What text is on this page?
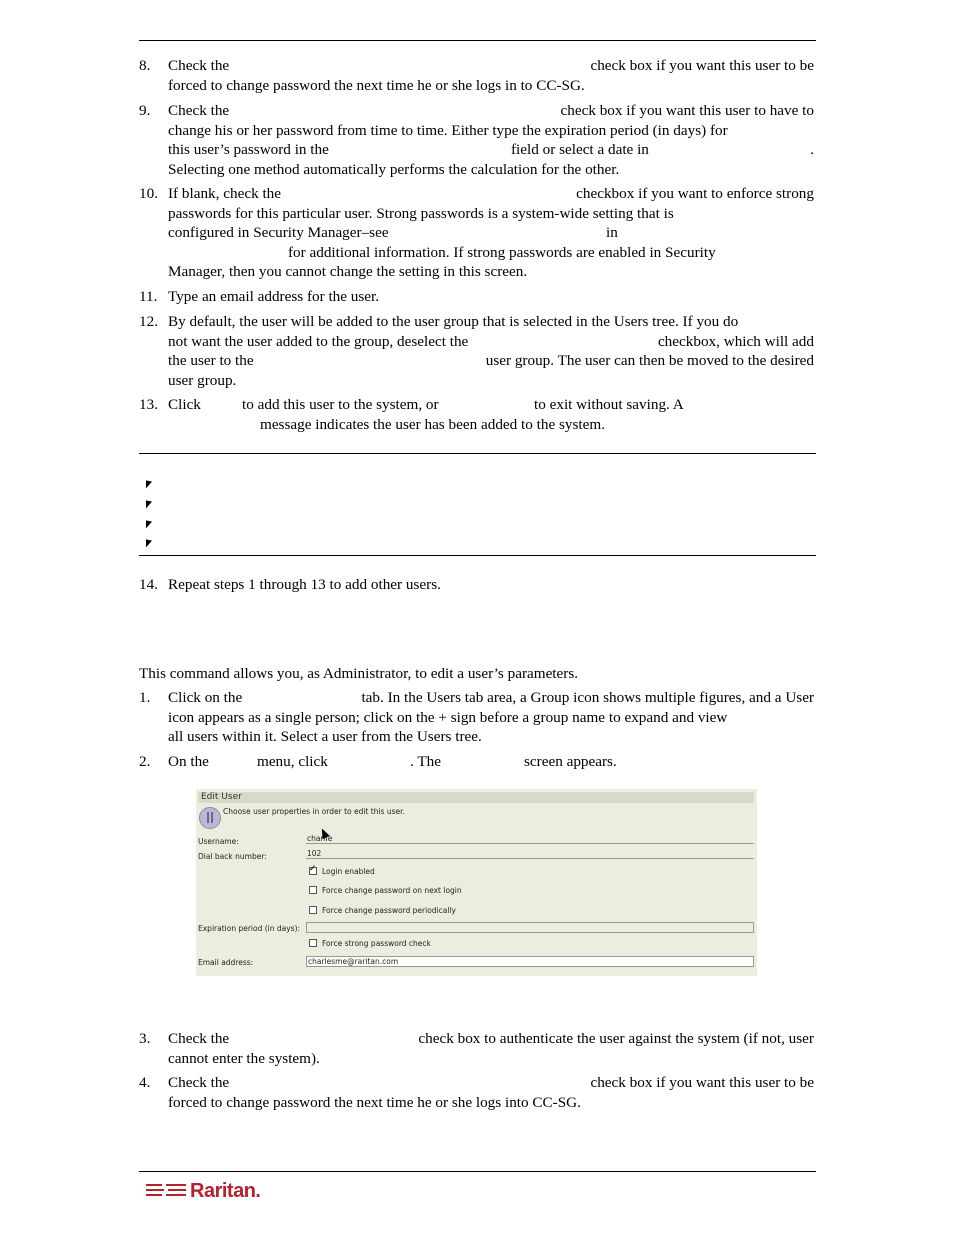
8. Check the	check box if you want this user to be
forced to change password the next time he or she logs in to CC-SG.
9. Check the	check box if you want this user to have to
change his or her password from time to time. Either type the expiration period (in days) for
this user’s password in the	field or select a date in	.
Selecting one method automatically performs the calculation for the other.
10. If blank, check the	checkbox if you want to enforce strong
passwords for this particular user. Strong passwords is a system-wide setting that is
configured in Security Manager–see	in
for additional information. If strong passwords are enabled in Security
Manager, then you cannot change the setting in this screen.
11. Type an email address for the user.
12. By default, the user will be added to the user group that is selected in the Users tree. If you do
not want the user added to the group, deselect the	checkbox, which will add
the user to the	user group. The user can then be moved to the desired
user group.
13. Click	to add this user to the system, or	to exit without saving. A
message indicates the user has been added to the system.
14. Repeat steps 1 through 13 to add other users.
This command allows you, as Administrator, to edit a user’s parameters.
1. Click on the	tab. In the Users tab area, a Group icon shows multiple figures, and a User
icon appears as a single person; click on the + sign before a group name to expand and view
all users within it. Select a user from the Users tree.
2. On the	menu, click	. The	screen appears.
Edit User
Choose user properties in order to edit this user.
Username:	charlie
Dial back number:	102
✓Login enabled
Force change password on next login
Force change password periodically
Expiration period (in days):
Force strong password check
Email address:	charlesme@raritan.com
3. Check the	check box to authenticate the user against the system (if not, user
cannot enter the system).
4. Check the	check box if you want this user to be
forced to change password the next time he or she logs into CC-SG.
Raritan.
